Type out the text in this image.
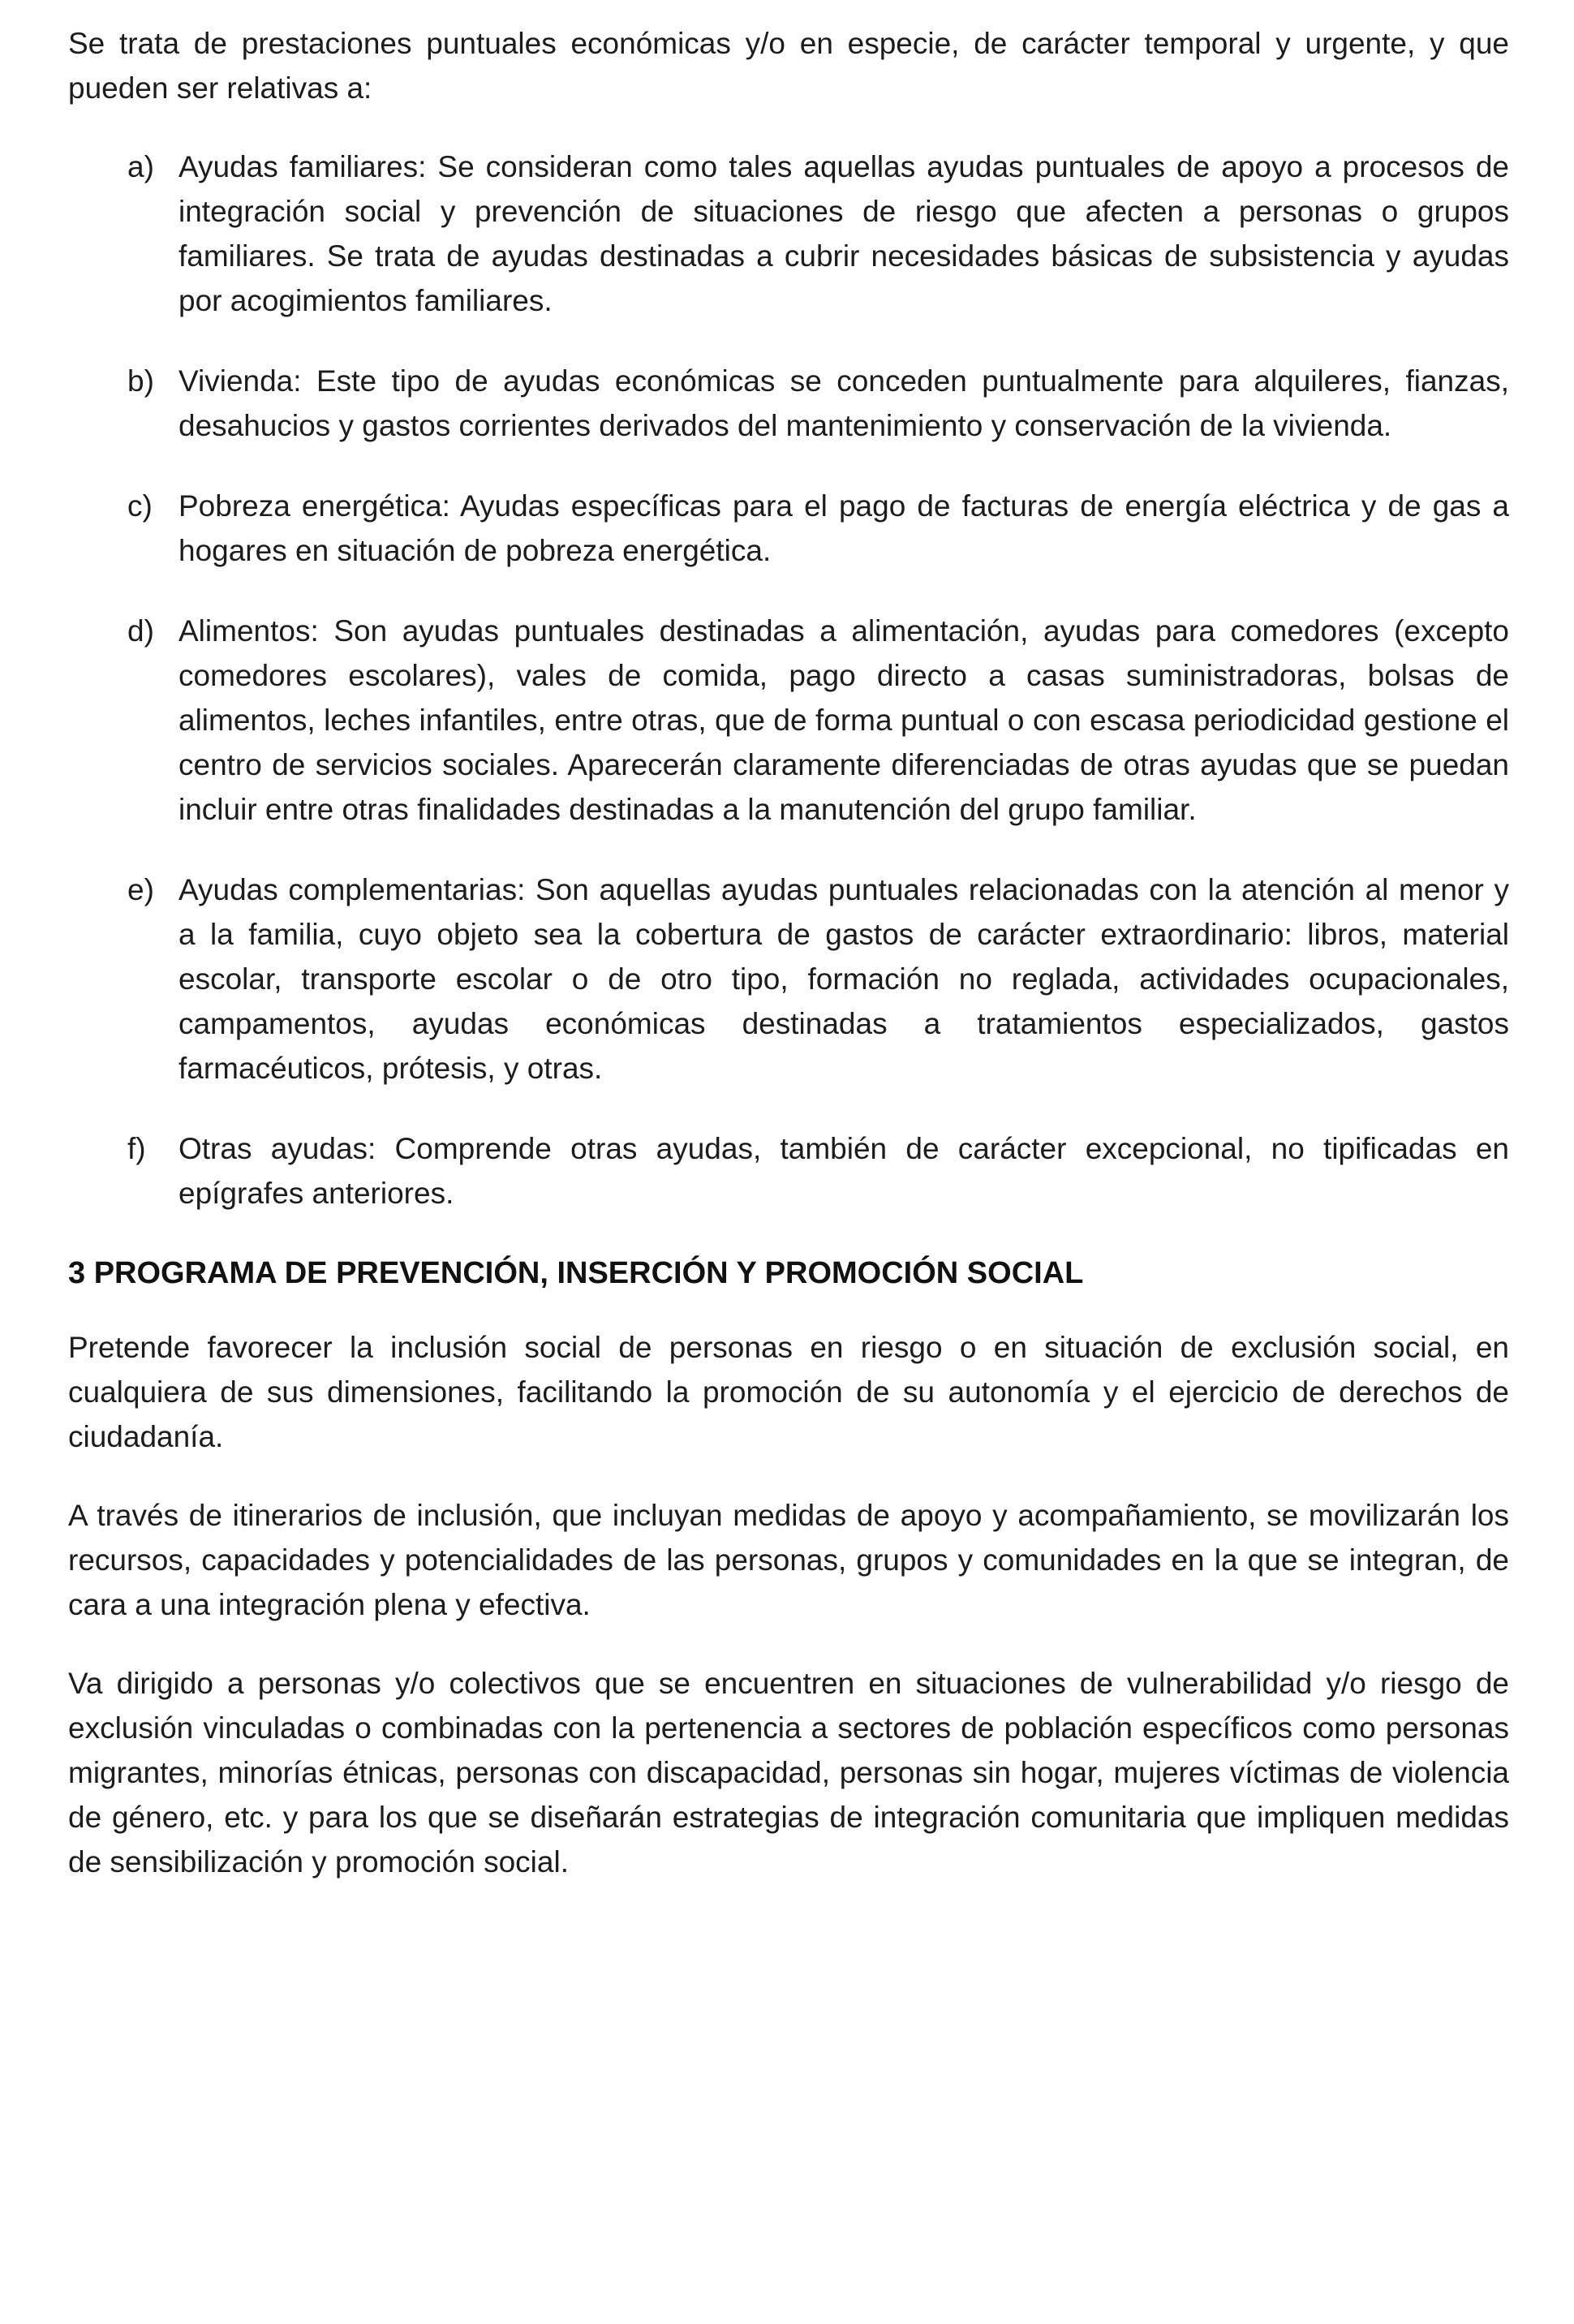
Se trata de prestaciones puntuales económicas y/o en especie, de carácter temporal y urgente, y que pueden ser relativas a:

a) Ayudas familiares: Se consideran como tales aquellas ayudas puntuales de apoyo a procesos de integración social y prevención de situaciones de riesgo que afecten a personas o grupos familiares. Se trata de ayudas destinadas a cubrir necesidades básicas de subsistencia y ayudas por acogimientos familiares.
b) Vivienda: Este tipo de ayudas económicas se conceden puntualmente para alquileres, fianzas, desahucios y gastos corrientes derivados del mantenimiento y conservación de la vivienda.
c) Pobreza energética: Ayudas específicas para el pago de facturas de energía eléctrica y de gas a hogares en situación de pobreza energética.
d) Alimentos: Son ayudas puntuales destinadas a alimentación, ayudas para comedores (excepto comedores escolares), vales de comida, pago directo a casas suministradoras, bolsas de alimentos, leches infantiles, entre otras, que de forma puntual o con escasa periodicidad gestione el centro de servicios sociales. Aparecerán claramente diferenciadas de otras ayudas que se puedan incluir entre otras finalidades destinadas a la manutención del grupo familiar.
e) Ayudas complementarias: Son aquellas ayudas puntuales relacionadas con la atención al menor y a la familia, cuyo objeto sea la cobertura de gastos de carácter extraordinario: libros, material escolar, transporte escolar o de otro tipo, formación no reglada, actividades ocupacionales, campamentos, ayudas económicas destinadas a tratamientos especializados, gastos farmacéuticos, prótesis, y otras.
f)	Otras ayudas: Comprende otras ayudas, también de carácter excepcional, no tipificadas en epígrafes anteriores.
3 PROGRAMA DE PREVENCIÓN, INSERCIÓN Y PROMOCIÓN SOCIAL

Pretende favorecer la inclusión social de personas en riesgo o en situación de exclusión social, en cualquiera de sus dimensiones, facilitando la promoción de su autonomía y el ejercicio de derechos de ciudadanía.

A través de itinerarios de inclusión, que incluyan medidas de apoyo y acompañamiento, se movilizarán los recursos, capacidades y potencialidades de las personas, grupos y comunidades en la que se integran, de cara a una integración plena y efectiva.

Va dirigido a personas y/o colectivos que se encuentren en situaciones de vulnerabilidad y/o riesgo de exclusión vinculadas o combinadas con la pertenencia a sectores de población específicos como personas migrantes, minorías étnicas, personas con discapacidad, personas sin hogar, mujeres víctimas de violencia de género, etc. y para los que se diseñarán estrategias de integración comunitaria que impliquen medidas de sensibilización y promoción social.
